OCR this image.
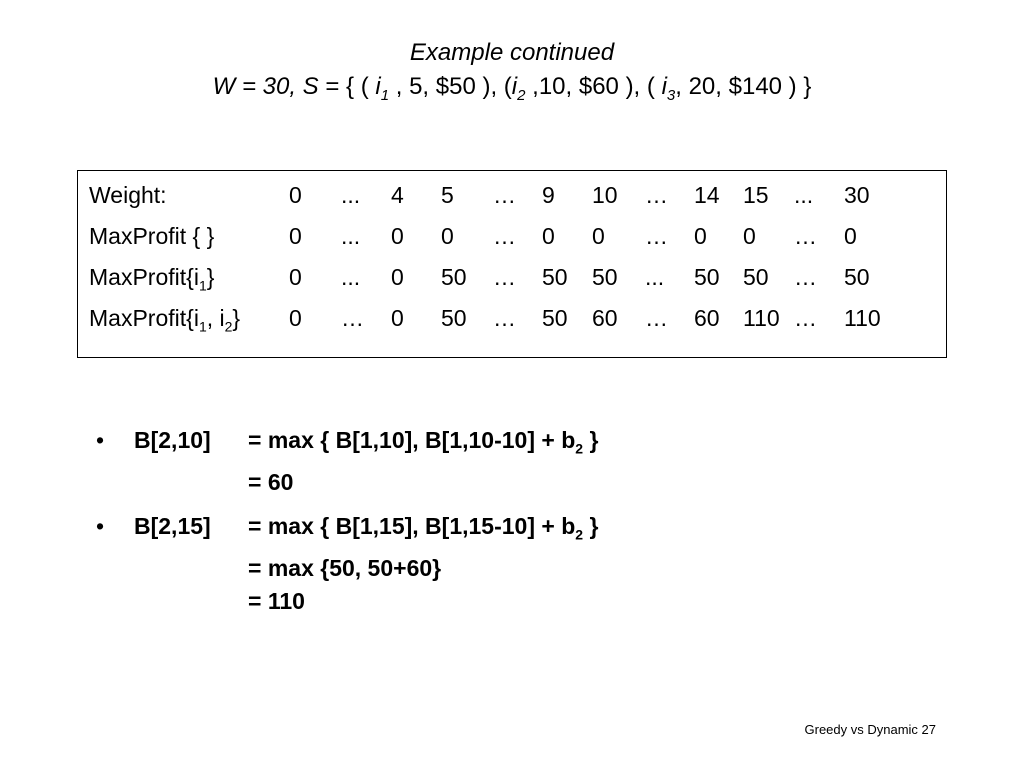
Example continued
W = 30, S = { ( $i_1$ , 5, $50 ), ($i_2$ ,10, $60 ), ( $i_3$, 20, $140 ) }
Weight:	0 ... 4 5 … 9 10 … 14 15 ... 30
MaxProfit { }	0 ... 0 0 … 0 0 … 0 0 … 0
$MaxProfit\{i_1\}$	0 ... 0 50 … 50 50 ... 50 50 … 50
$MaxProfit\{i_1$, $i_2$} 0 … 0 50 … 50 60 … 60 110 … 110
• B[2,10] = max { B[1,10], $B[1,10-10] + b_2$ }
= 60
• B[2,15] = max { B[1,15], $B[1,15-10] + b_2$ }
= max {50, 50+60}
= 110
Greedy vs Dynamic 27
